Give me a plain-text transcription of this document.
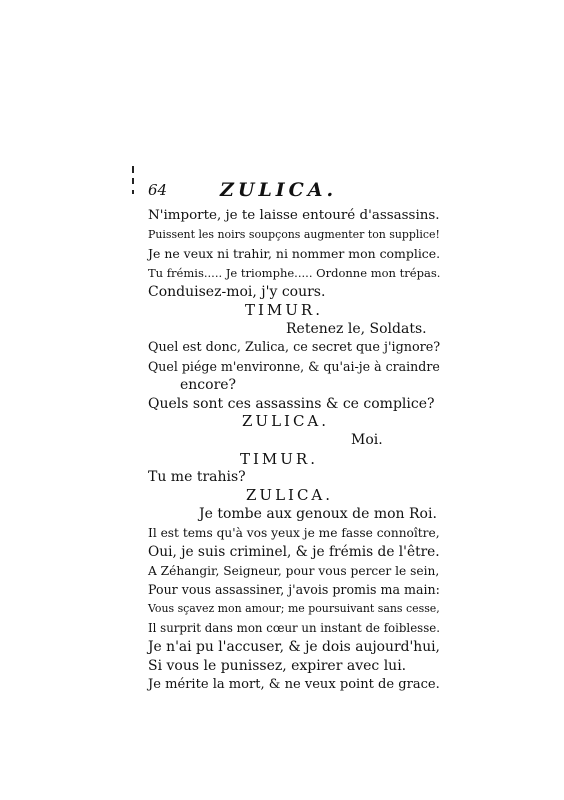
64	ZULICA.
N'importe, je te laisse entouré d'assassins.
Puissent les noirs soupçons augmenter ton supplice!
Je ne veux ni trahir, ni nommer mon complice.
Tu frémis..... Je triomphe..... Ordonne mon trépas.
Conduisez-moi, j'y cours.
TIMUR.
Retenez le, Soldats.
Quel est donc, Zulica, ce secret que j'ignore?
Quel piége m'environne, & qu'ai-je à craindre
encore?
Quels sont ces assassins & ce complice?
ZULICA.
Moi.
TIMUR.
Tu me trahis?
ZULICA.
Je tombe aux genoux de mon Roi.
Il est tems qu'à vos yeux je me fasse connoître,
Oui, je suis criminel, & je frémis de l'être.
A Zéhangir, Seigneur, pour vous percer le sein,
Pour vous assassiner, j'avois promis ma main:
Vous sçavez mon amour; me poursuivant sans cesse,
Il surprit dans mon cœur un instant de foiblesse.
Je n'ai pu l'accuser, & je dois aujourd'hui,
Si vous le punissez, expirer avec lui.
Je mérite la mort, & ne veux point de grace.
